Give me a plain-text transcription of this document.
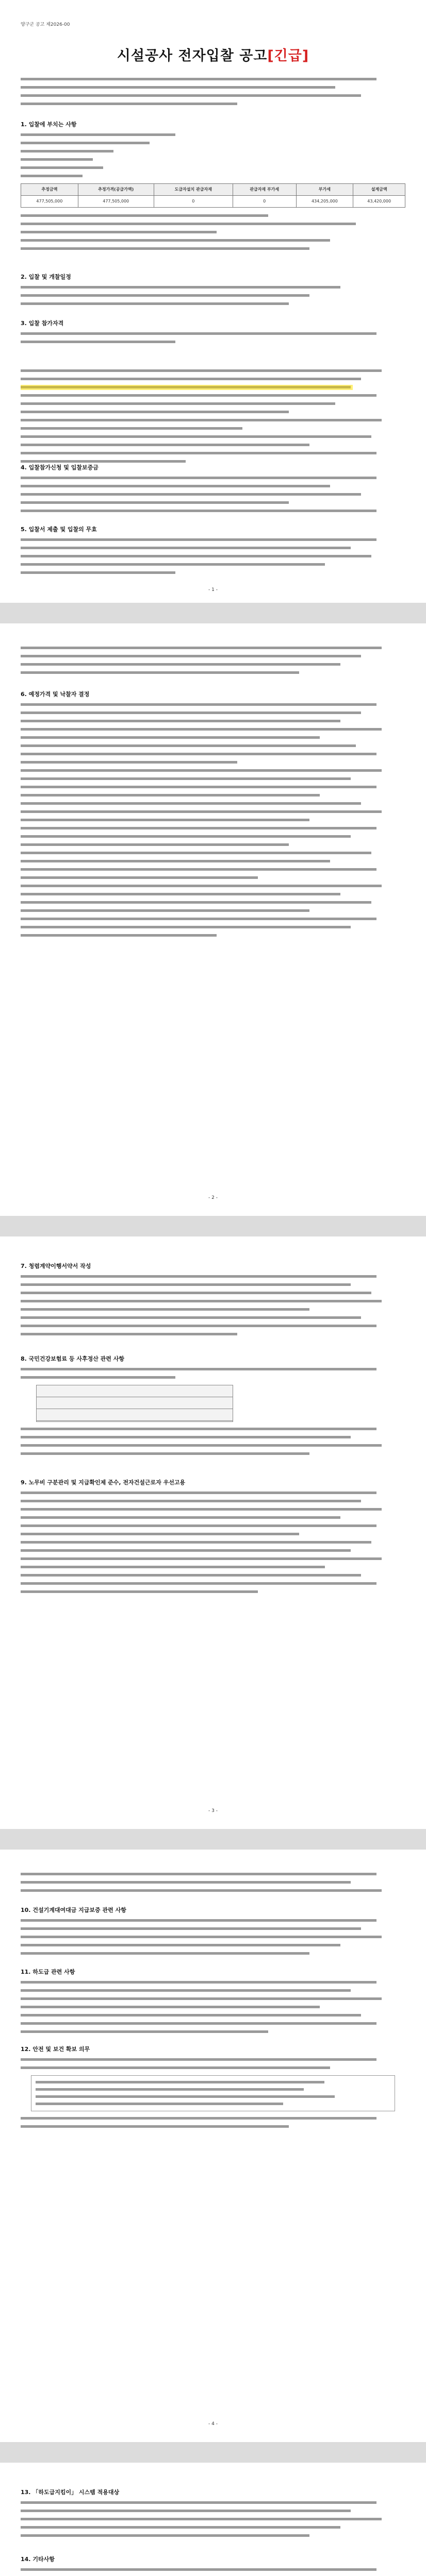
양구군 공고 제2026-00
시설공사 전자입찰 공고[긴급]
1. 입찰에 부치는 사항
추정금액	추정가격(공급가액)	도급자설치 관급자재	관급자재 부가세	부가세	설계금액
477,505,000	477,505,000	0	0	434,205,000	43,420,000
2. 입찰 및 개찰일정
3. 입찰 참가자격
4. 입찰참가신청 및 입찰보증금
5. 입찰서 제출 및 입찰의 무효
- 1 -
6. 예정가격 및 낙찰자 결정
- 2 -
7. 청렴계약이행서약서 작성
8. 국민건강보험료 등 사후정산 관련 사항
9. 노무비 구분관리 및 지급확인제 준수, 전자건설근로자 우선고용
- 3 -
10. 건설기계대여대금 지급보증 관련 사항
11. 하도급 관련 사항
12. 안전 및 보건 확보 의무
- 4 -
13. 「하도급지킴이」 시스템 적용대상
14. 기타사항
